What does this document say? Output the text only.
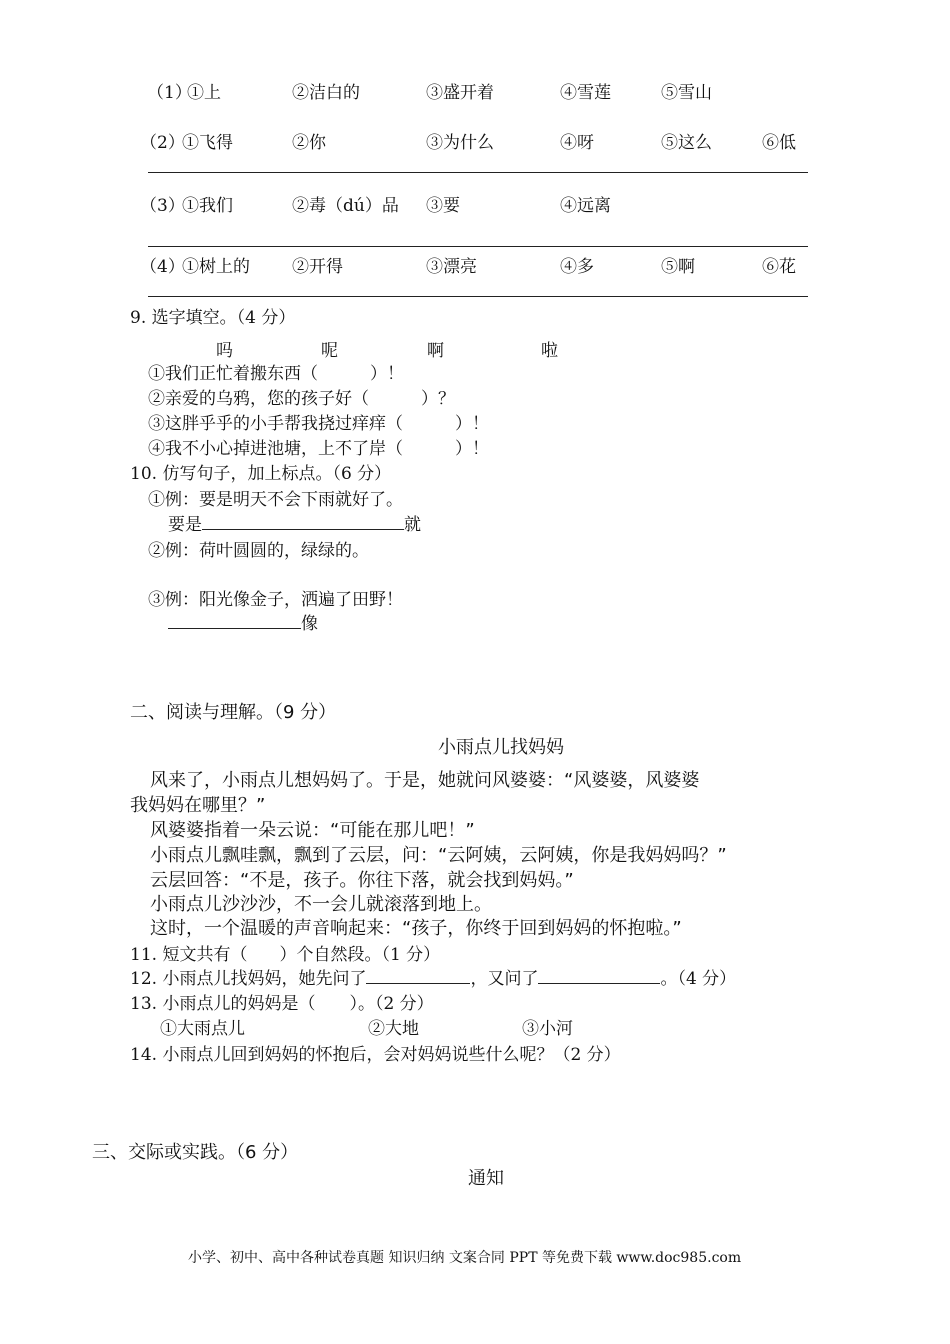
（1）
①上	②洁白的	③盛开着	④雪莲	⑤雪山
（2）
①飞得	②你	③为什么	④呀	⑤这么	⑥低
（3）
①我们	②毒（dú）品 ③要	④远离
（4）
①树上的 ②开得	③漂亮	④多	⑤啊	⑥花
9. 选字填空。（4 分）
吗	呢	啊	啦
①我们正忙着搬东西（	）！
②亲爱的乌鸦，您的孩子好（	）？
③这胖乎乎的小手帮我挠过痒痒（	）！
④我不小心掉进池塘，上不了岸（	）！
10. 仿写句子，加上标点。（6 分）
①例：要是明天不会下雨就好了。
要是	就
②例：荷叶圆圆的，绿绿的。
③例：阳光像金子，洒遍了田野！
像
二、阅读与理解。（9 分）
小雨点儿找妈妈
风来了，小雨点儿想妈妈了。于是，她就问风婆婆：“风婆婆，风婆婆
我妈妈在哪里？”
风婆婆指着一朵云说：“可能在那儿吧！”
小雨点儿飘哇飘，飘到了云层，问：“云阿姨，云阿姨，你是我妈妈吗？”
云层回答：“不是，孩子。你往下落，就会找到妈妈。”
小雨点儿沙沙沙，不一会儿就滚落到地上。
这时，一个温暖的声音响起来：“孩子，你终于回到妈妈的怀抱啦。”
11. 短文共有（ ）个自然段。（1 分）
12. 小雨点儿找妈妈，她先问了	，又问了	。（4 分）
13. 小雨点儿的妈妈是（　　）。（2 分）
①大雨点儿	②大地	③小河
14. 小雨点儿回到妈妈的怀抱后，会对妈妈说些什么呢？（2 分）
三、交际或实践。（6 分）
通知
小学、初中、高中各种试卷真题 知识归纳 文案合同 PPT 等免费下载 www.doc985.com
